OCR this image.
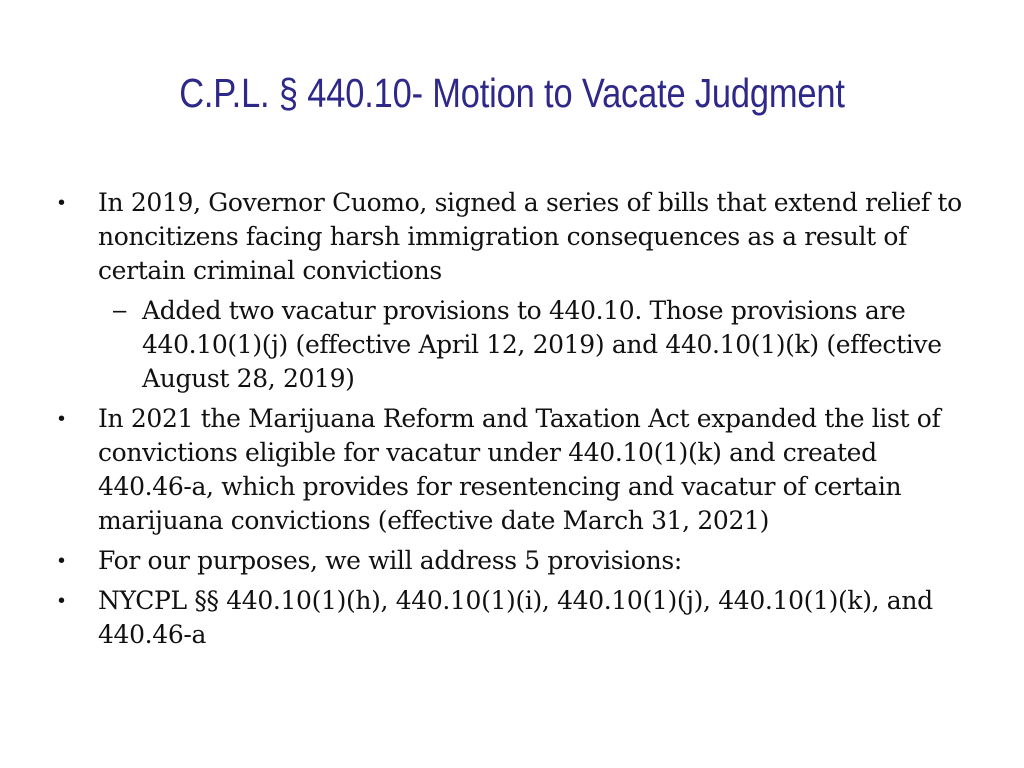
C.P.L. § 440.10- Motion to Vacate Judgment
• In 2019, Governor Cuomo, signed a series of bills that extend relief to noncitizens facing harsh immigration consequences as a result of certain criminal convictions
– Added two vacatur provisions to 440.10. Those provisions are 440.10(1)(j) (effective April 12, 2019) and 440.10(1)(k) (effective August 28, 2019)
• In 2021 the Marijuana Reform and Taxation Act expanded the list of convictions eligible for vacatur under 440.10(1)(k) and created 440.46-a, which provides for resentencing and vacatur of certain marijuana convictions (effective date March 31, 2021)
• For our purposes, we will address 5 provisions:
• NYCPL §§ 440.10(1)(h), 440.10(1)(i), 440.10(1)(j), 440.10(1)(k), and 440.46-a
